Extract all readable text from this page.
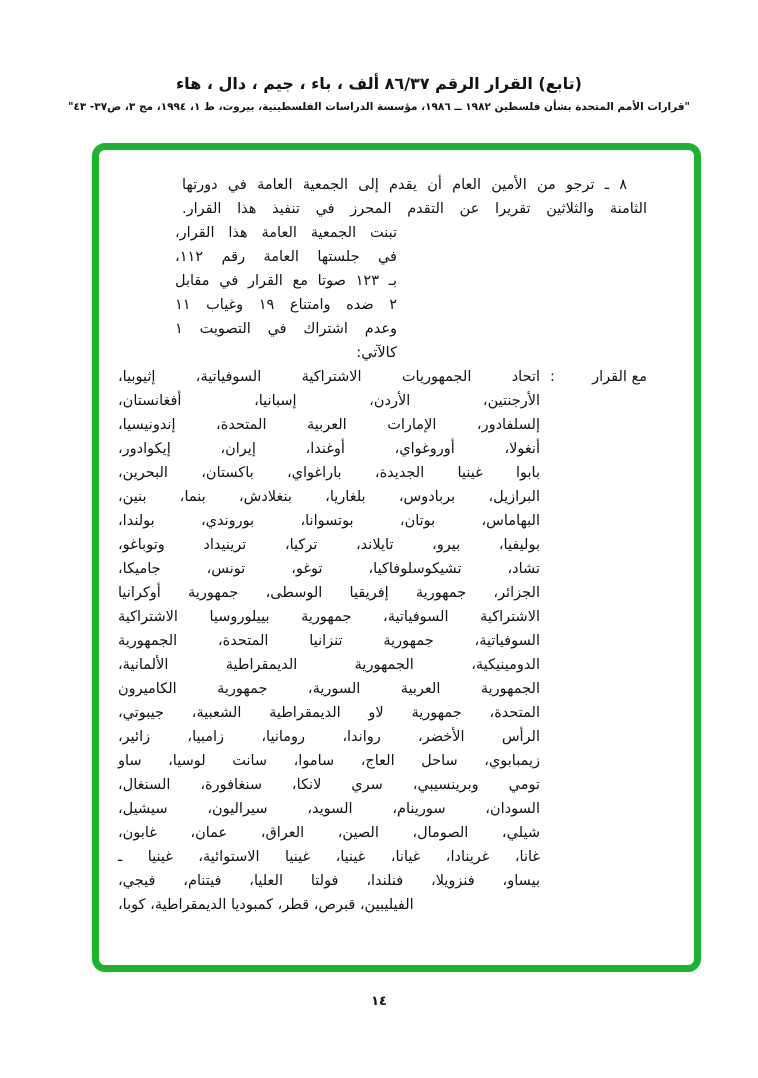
(تابع) القرار الرقم ٨٦/٣٧ ألف ، باء ، جيم ، دال ، هاء
"قرارات الأمم المتحدة بشأن فلسطين ١٩٨٢ ــ ١٩٨٦، مؤسسة الدراسات الفلسطينية، بيروت، ط ١، ١٩٩٤، مج ٣، ص٣٧- ٤٣"
٨ ـ ترجو من الأمين العام أن يقدم إلى الجمعية العامة في دورتها
الثامنة والثلاثين تقريرا عن التقدم المحرز في تنفيذ هذا القرار.
تبنت الجمعية العامة هذا القرار،
في جلستها العامة رقم ١١٢،
بـ ١٢٣ صوتا مع القرار في مقابل
٢ ضده وامتناع ١٩ وغياب ١١
وعدم اشتراك في التصويت ١
كالآتي:
مع القرار
:
اتحاد الجمهوريات الاشتراكية السوفياتية، إثيوبيا،
الأرجنتين، الأردن، إسبانيا، أفغانستان،
إلسلفادور، الإمارات العربية المتحدة، إندونيسيا،
أنغولا، أوروغواي، أوغندا، إيران، إيكوادور،
بابوا غينيا الجديدة، باراغواي، باكستان، البحرين،
البرازيل، بربادوس، بلغاريا، بنغلادش، بنما، بنين،
البهاماس، بوتان، بوتسوانا، بوروندي، بولندا،
بوليفيا، بيرو، تايلاند، تركيا، ترينيداد وتوباغو،
تشاد، تشيكوسلوفاكيا، توغو، تونس، جاميكا،
الجزائر، جمهورية إفريقيا الوسطى، جمهورية أوكرانيا
الاشتراكية السوفياتية، جمهورية بييلوروسيا الاشتراكية
السوفياتية، جمهورية تنزانيا المتحدة، الجمهورية
الدومينيكية، الجمهورية الديمقراطية الألمانية،
الجمهورية العربية السورية، جمهورية الكاميرون
المتحدة، جمهورية لاو الديمقراطية الشعبية، جيبوتي،
الرأس الأخضر، رواندا، رومانيا، زامبيا، زائير،
زيمبابوي، ساحل العاج، ساموا، سانت لوسيا، ساو
تومي وبرينسيبي، سري لانكا، سنغافورة، السنغال،
السودان، سورينام، السويد، سيراليون، سيشيل،
شيلي، الصومال، الصين، العراق، عمان، غابون،
غانا، غرينادا، غيانا، غينيا، غينيا الاستوائية، غينيا ـ
بيساو، فنزويلا، فنلندا، فولتا العليا، فيتنام، فيجي،
الفيليبين، قبرص، قطر، كمبوديا الديمقراطية، كوبا،
١٤
